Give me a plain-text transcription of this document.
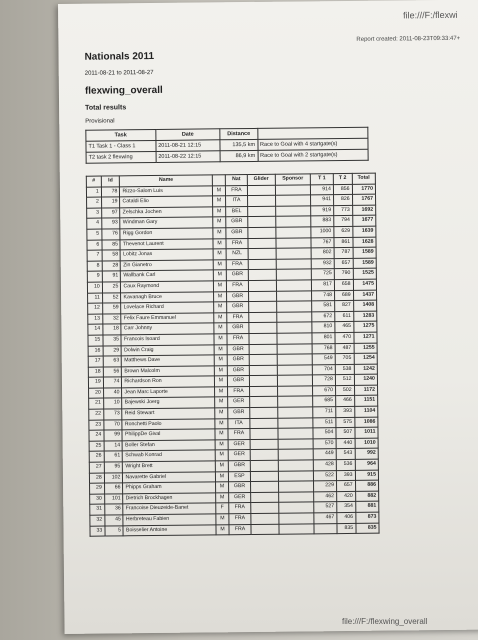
file:///F:/flexwi
Report created: 2011-08-23T09:33:47+
Nationals 2011
2011-08-21 to 2011-08-27
flexwing_overall
Total results
Provisional
Task	Date	Distance	
T1 Task 1 - Class 1	2011-08-21 12:15	135,5 km	Race to Goal with 4 startgate(s)
T2 task 2 flexwing	2011-08-22 12:15	86,9 km	Race to Goal with 2 startgate(s)
#	Id	Name		Nat	Glider	Sponsor	T 1	T 2	Total
1	78	Rizzo-Salom Luis	M	FRA			914	856	1770
2	19	Cataldi Elio	M	ITA			941	826	1767
3	97	Zelschka Jochen	M	BEL			919	773	1692
4	93	Windman Gary	M	GBR			883	794	1677
5	76	Rigg Gordon	M	GBR			1000	629	1639
6	85	Thevenot Laurent	M	FRA			767	861	1628
7	58	Lobitz Jonas	M	NZL			802	787	1589
8	28	Zin Gianetro	M	FRA			932	657	1589
9	91	Wallbank Carl	M	GBR			725	790	1525
10	25	Caux Raymond	M	FRA			817	658	1475
11	52	Kavanagh Bruce	M	GBR			748	689	1437
12	59	Lovelace Richard	M	GBR			581	827	1408
13	32	Felix Faure Emmanuel	M	FRA			672	611	1283
14	18	Carr Johnny	M	GBR			810	465	1275
15	35	Francois Isoard	M	FRA			801	470	1271
16	29	Dolwin Craig	M	GBR			768	487	1255
17	63	Matthews Dave	M	GBR			549	705	1254
18	56	Brown Malcolm	M	GBR			704	538	1242
19	74	Richardson Ron	M	GBR			728	512	1240
20	40	Jean Marc Laporte	M	FRA			670	502	1172
21	10	Bajewski Joerg	M	GER			685	466	1151
22	73	Reid Stewart	M	GBR			711	393	1104
23	70	Ronchetti Paolo	M	ITA			511	575	1086
24	99	PhilippDe Gival	M	FRA			504	507	1011
25	14	Boller Stefan	M	GER			570	440	1010
26	61	Schwab Konrad	M	GER			449	543	992
27	95	Wright Brett	M	GBR			428	536	964
28	102	Navarette Gabriel	M	ESP			522	393	915
29	66	Phipps Graham	M	GBR			229	657	886
30	101	Dietrich Brockhagen	M	GER			462	420	882
31	36	Francoise Dieuzeide-Banet	F	FRA			527	354	881
32	45	Herbreteau Fabien	M	FRA			467	406	873
33	5	Boisselier Antoine	M	FRA				835	835
file:///F:/flexwing_overall
